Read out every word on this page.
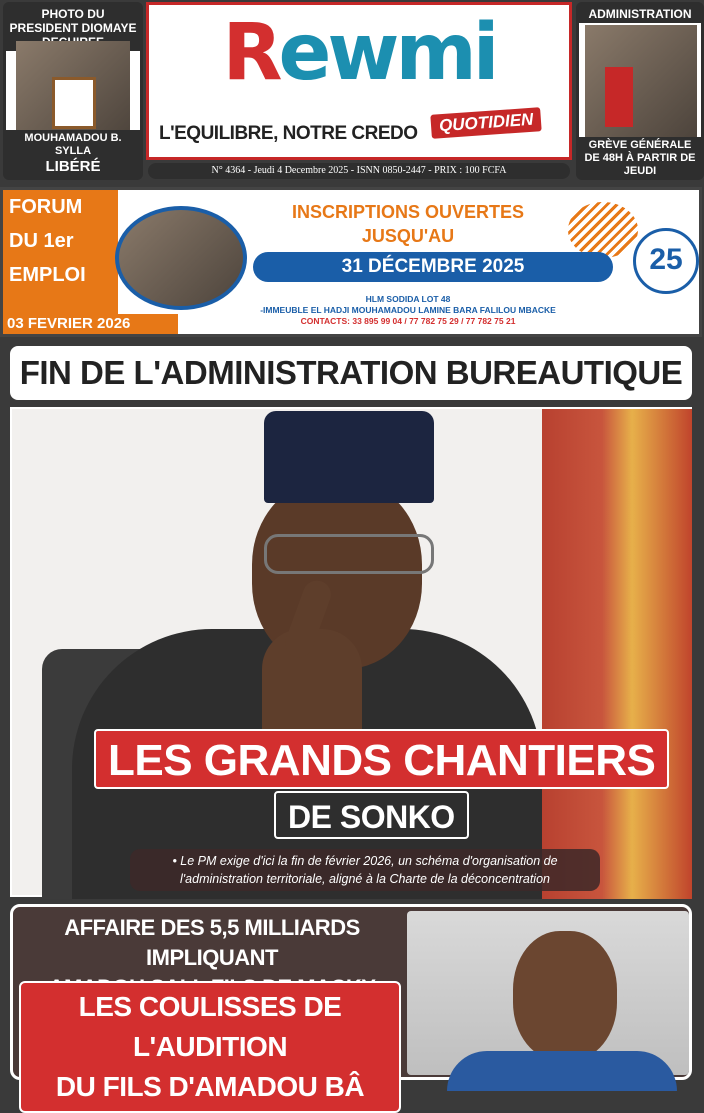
PHOTO DU PRESIDENT DIOMAYE
MOUHAMADOU B. SYLLA
LIBÉRÉ
Rewmi
L'EQUILIBRE, NOTRE CREDO	QUOTIDIEN
N° 4364 - Jeudi 4 Decembre 2025 - ISNN 0850-2447 - PRIX : 100 FCFA
ADMINISTRATION
GRÈVE GÉNÉRALE DE 48H À PARTIR DE JEUDI
FORUM
DU 1er
EMPLOI
03 FEVRIER 2026
INSCRIPTIONS OUVERTES
JUSQU'AU
31 DÉCEMBRE 2025
HLM SODIDA LOT 48
-IMMEUBLE EL HADJI MOUHAMADOU LAMINE BARA FALILOU MBACKE
CONTACTS: 33 895 99 04 / 77 782 75 29 / 77 782 75 21
25
FIN DE L'ADMINISTRATION BUREAUTIQUE
LES GRANDS CHANTIERS
DE SONKO
• Le PM exige d'ici la fin de février 2026, un schéma d'organisation de l'administration territoriale, aligné à la Charte de la déconcentration
AFFAIRE DES 5,5 MILLIARDS IMPLIQUANT
LES COULISSES DE L'AUDITION
DU FILS D'AMADOU BÂ
